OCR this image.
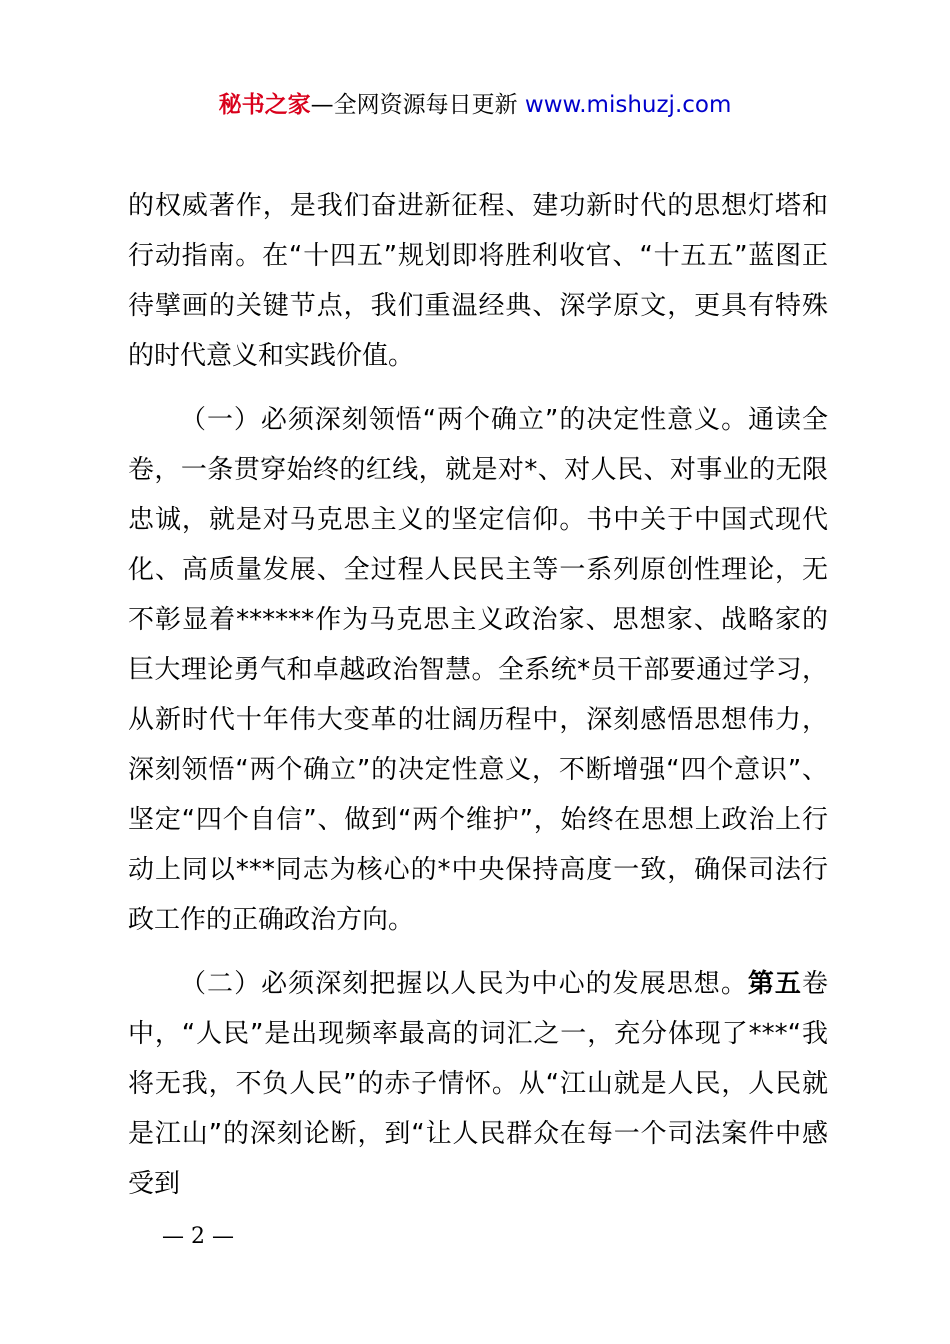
秘书之家—全网资源每日更新 www.mishuzj.com

的权威著作，是我们奋进新征程、建功新时代的思想灯塔和行动指南。在“十四五”规划即将胜利收官、“十五五”蓝图正待擘画的关键节点，我们重温经典、深学原文，更具有特殊的时代意义和实践价值。

（一）必须深刻领悟“两个确立”的决定性意义。通读全卷，一条贯穿始终的红线，就是对*、对人民、对事业的无限忠诚，就是对马克思主义的坚定信仰。书中关于中国式现代化、高质量发展、全过程人民民主等一系列原创性理论，无不彰显着******作为马克思主义政治家、思想家、战略家的巨大理论勇气和卓越政治智慧。全系统*员干部要通过学习，从新时代十年伟大变革的壮阔历程中，深刻感悟思想伟力，深刻领悟“两个确立”的决定性意义，不断增强“四个意识”、坚定“四个自信”、做到“两个维护”，始终在思想上政治上行动上同以***同志为核心的*中央保持高度一致，确保司法行政工作的正确政治方向。

（二）必须深刻把握以人民为中心的发展思想。第五卷中，“人民”是出现频率最高的词汇之一，充分体现了***“我将无我，不负人民”的赤子情怀。从“江山就是人民，人民就是江山”的深刻论断，到“让人民群众在每一个司法案件中感受到

— 2 —
